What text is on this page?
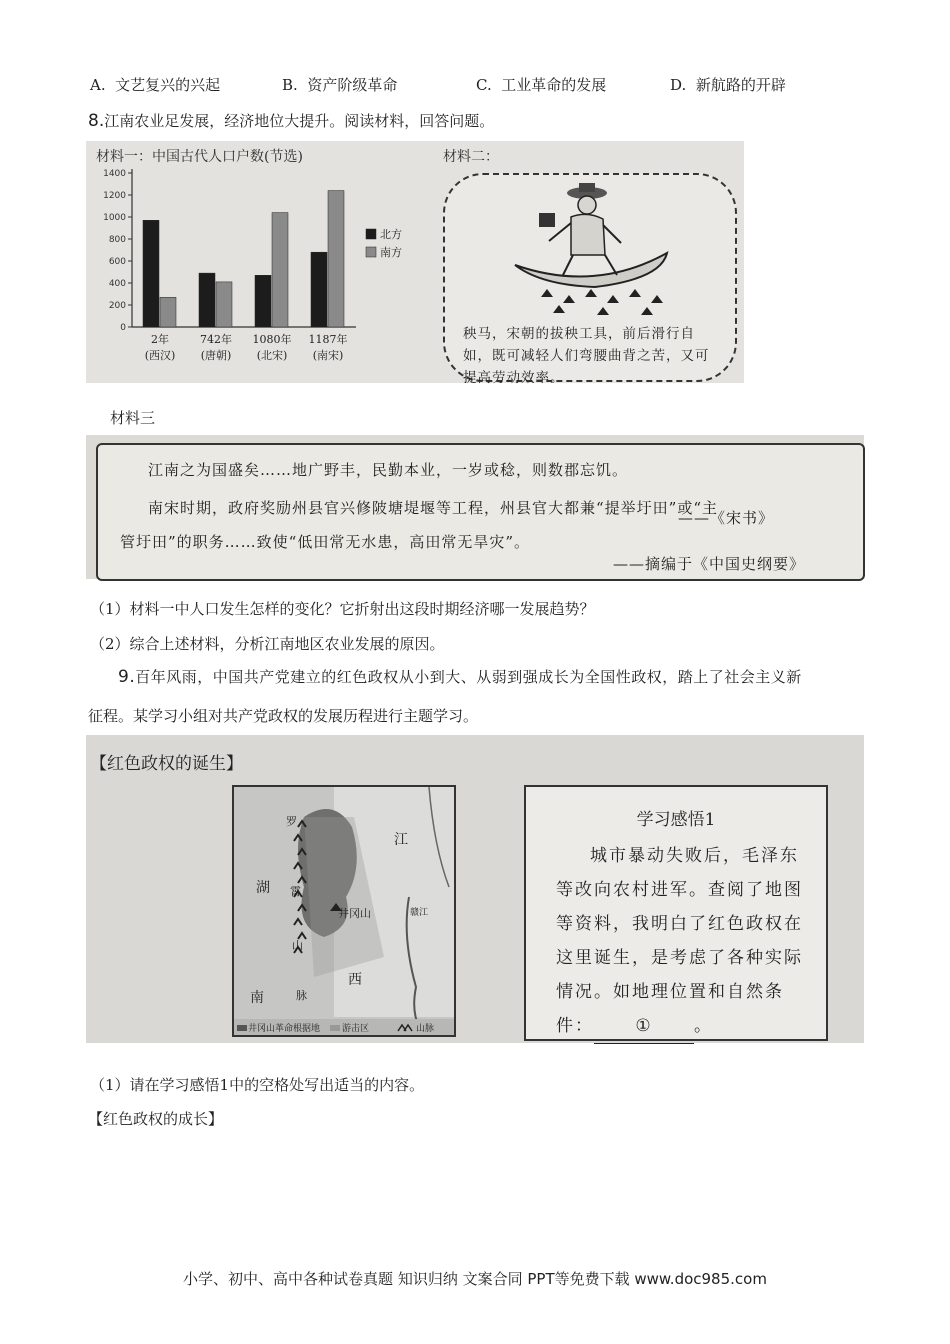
A. 文艺复兴的兴起	B. 资产阶级革命	C. 工业革命的发展	D. 新航路的开辟
8.江南农业足发展，经济地位大提升。阅读材料，回答问题。
材料一：中国古代人口户数(节选)
0
200
400
600
800
1000
1200
1400
2年
(西汉)
742年
(唐朝)
1080年
(北宋)
1187年
(南宋)
北方
南方
材料二：
秧马，宋朝的拔秧工具，前后滑行自如，既可减轻人们弯腰曲背之苦，又可提高劳动效率。
材料三
江南之为国盛矣……地广野丰，民勤本业，一岁或稔，则数郡忘饥。
——《宋书》
南宋时期，政府奖励州县官兴修陂塘堤堰等工程，州县官大都兼“提举圩田”或“主
管圩田”的职务……致使“低田常无水患，高田常无旱灾”。
——摘编于《中国史纲要》
（1）材料一中人口发生怎样的变化？它折射出这段时期经济哪一发展趋势？
（2）综合上述材料，分析江南地区农业发展的原因。
9.百年风雨，中国共产党建立的红色政权从小到大、从弱到强成长为全国性政权，踏上了社会主义新
征程。某学习小组对共产党政权的发展历程进行主题学习。
【红色政权的诞生】
湖
南
江
西
井冈山
罗
霄
山
脉
赣江
井冈山革命根据地 游击区	山脉
学习感悟1
城市暴动失败后，毛泽东等改向农村进军。查阅了地图等资料，我明白了红色政权在这里诞生，是考虑了各种实际情况。如地理位置和自然条件： ① 。
（1）请在学习感悟1中的空格处写出适当的内容。
【红色政权的成长】
小学、初中、高中各种试卷真题 知识归纳 文案合同 PPT等免费下载 www.doc985.com
